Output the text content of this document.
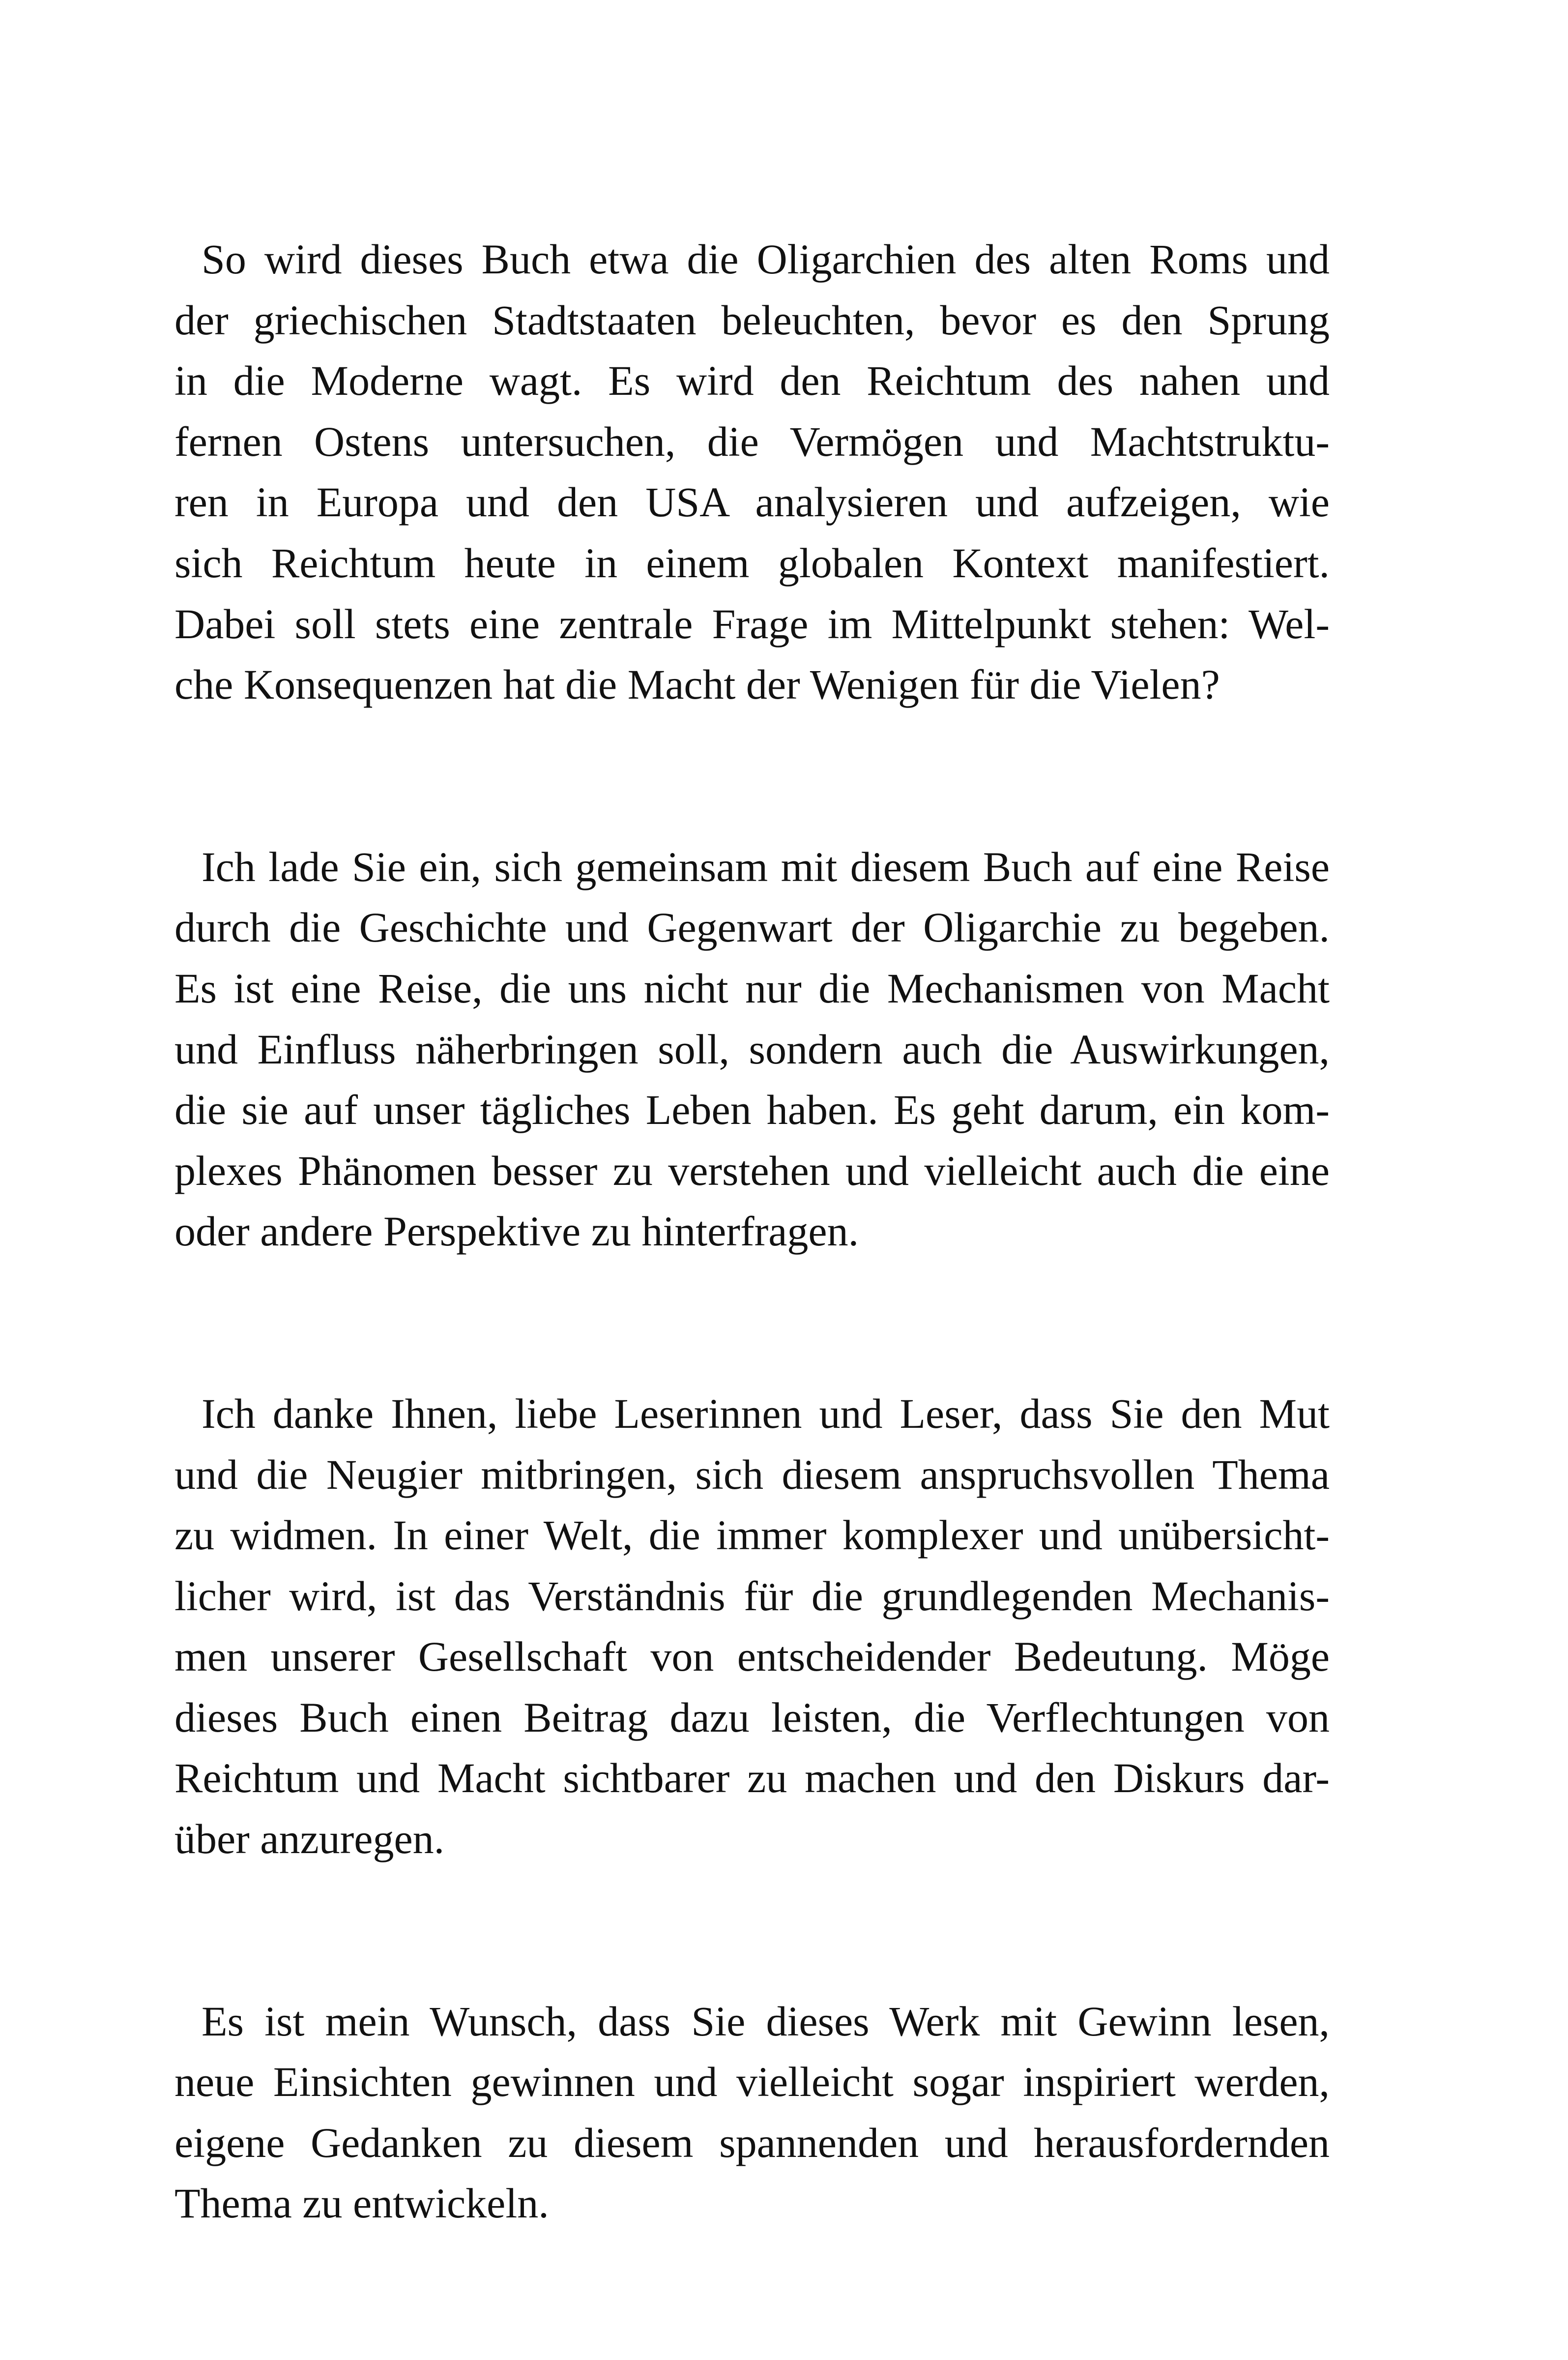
So wird dieses Buch etwa die Oligarchien des alten Roms und
der griechischen Stadtstaaten beleuchten, bevor es den Sprung
in die Moderne wagt. Es wird den Reichtum des nahen und
fernen Ostens untersuchen, die Vermögen und Machtstruktu-
ren in Europa und den USA analysieren und aufzeigen, wie
sich Reichtum heute in einem globalen Kontext manifestiert.
Dabei soll stets eine zentrale Frage im Mittelpunkt stehen: Wel-
che Konsequenzen hat die Macht der Wenigen für die Vielen?

Ich lade Sie ein, sich gemeinsam mit diesem Buch auf eine Reise
durch die Geschichte und Gegenwart der Oligarchie zu begeben.
Es ist eine Reise, die uns nicht nur die Mechanismen von Macht
und Einfluss näherbringen soll, sondern auch die Auswirkungen,
die sie auf unser tägliches Leben haben. Es geht darum, ein kom-
plexes Phänomen besser zu verstehen und vielleicht auch die eine
oder andere Perspektive zu hinterfragen.

Ich danke Ihnen, liebe Leserinnen und Leser, dass Sie den Mut
und die Neugier mitbringen, sich diesem anspruchsvollen Thema
zu widmen. In einer Welt, die immer komplexer und unübersicht-
licher wird, ist das Verständnis für die grundlegenden Mechanis-
men unserer Gesellschaft von entscheidender Bedeutung. Möge
dieses Buch einen Beitrag dazu leisten, die Verflechtungen von
Reichtum und Macht sichtbarer zu machen und den Diskurs dar-
über anzuregen.

Es ist mein Wunsch, dass Sie dieses Werk mit Gewinn lesen,
neue Einsichten gewinnen und vielleicht sogar inspiriert werden,
eigene Gedanken zu diesem spannenden und herausfordernden
Thema zu entwickeln.
